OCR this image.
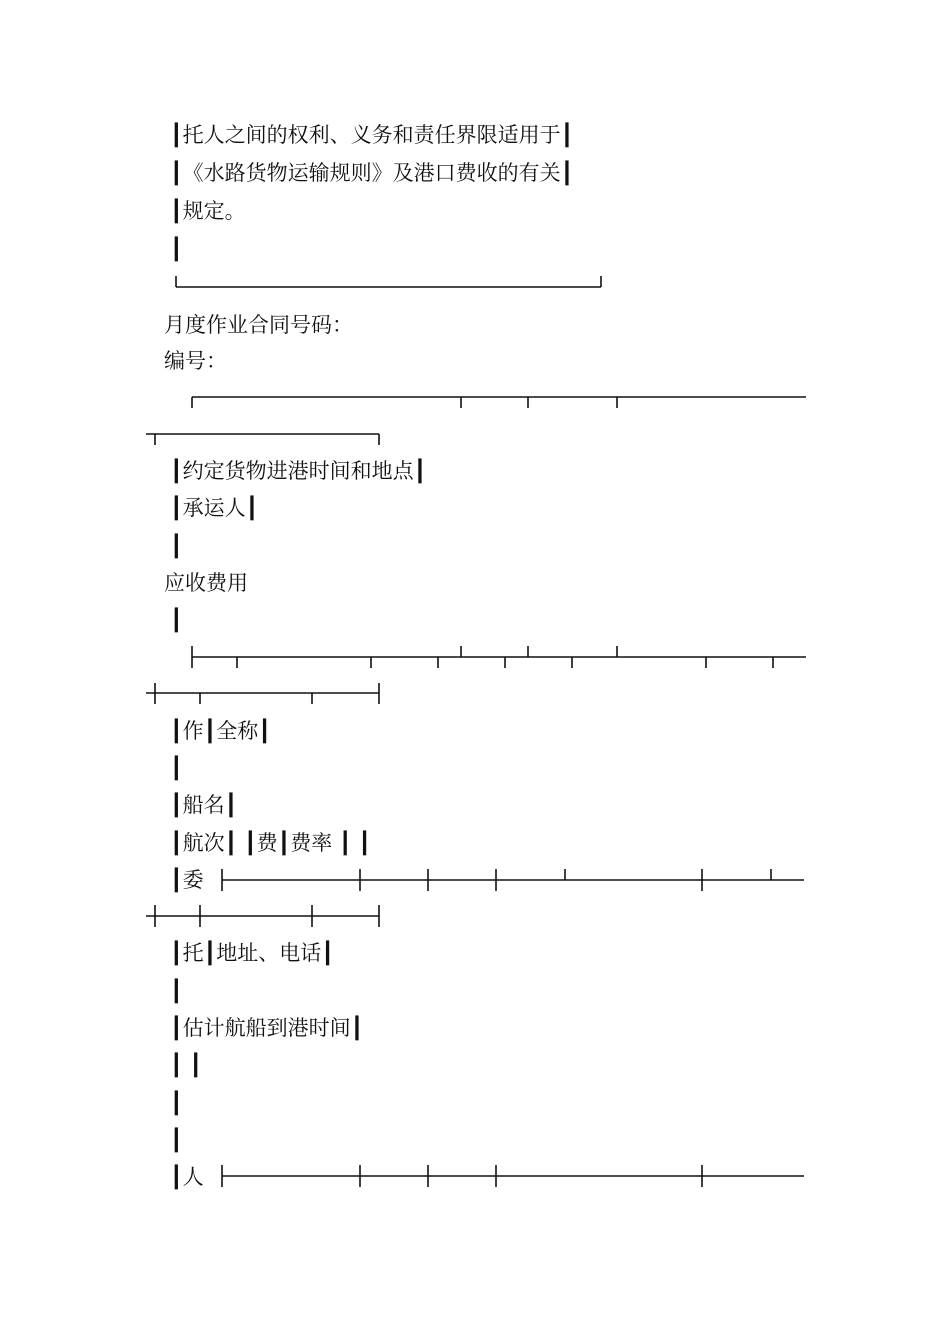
┃托人之间的权利、义务和责任界限适用于┃

┃《水路货物运输规则》及港口费收的有关┃

┃规定。

┃

月度作业合同号码：

编号：

┃约定货物进港时间和地点┃

┃承运人┃

┃

应收费用

┃

┃作┃全称┃

┃

┃船名┃

┃航次┃ ┃费┃费率 ┃ ┃

┃委

┃托┃地址、电话┃

┃

┃估计航船到港时间┃

┃ ┃

┃

┃

┃人
